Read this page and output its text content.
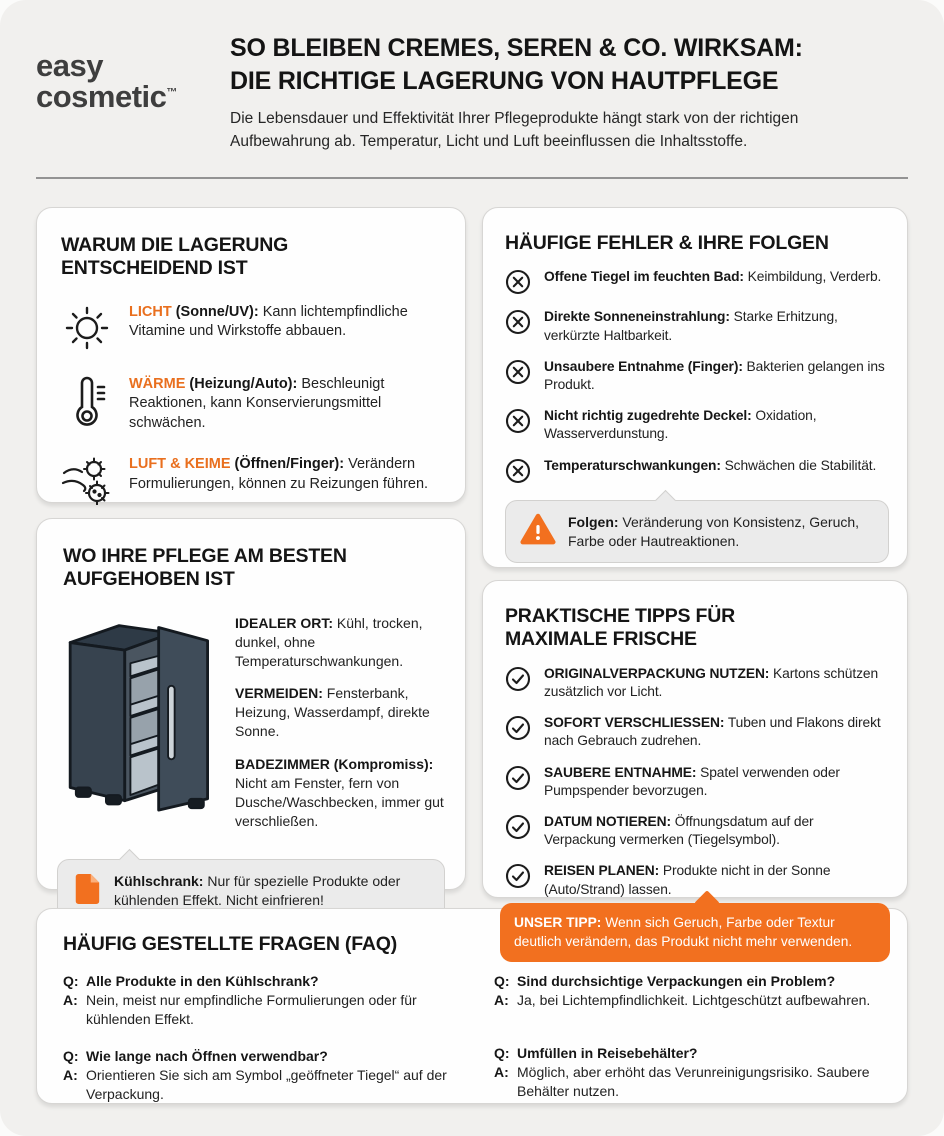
easy
cosmetic™
SO BLEIBEN CREMES, SEREN & CO. WIRKSAM:
DIE RICHTIGE LAGERUNG VON HAUTPFLEGE
Die Lebensdauer und Effektivität Ihrer Pflegeprodukte hängt stark von der richtigen Aufbewahrung ab. Temperatur, Licht und Luft beeinflussen die Inhaltsstoffe.
WARUM DIE LAGERUNG
ENTSCHEIDEND IST
LICHT (Sonne/UV): Kann lichtempfindliche Vitamine und Wirkstoffe abbauen.
WÄRME (Heizung/Auto): Beschleunigt Reaktionen, kann Konservierungsmittel schwächen.
LUFT & KEIME (Öffnen/Finger): Verändern Formulierungen, können zu Reizungen führen.
WO IHRE PFLEGE AM BESTEN
AUFGEHOBEN IST
IDEALER ORT: Kühl, trocken, dunkel, ohne Temperaturschwankungen.
VERMEIDEN: Fensterbank, Heizung, Wasserdampf, direkte Sonne.
BADEZIMMER (Kompromiss): Nicht am Fenster, fern von Dusche/Waschbecken, immer gut verschließen.
Kühlschrank: Nur für spezielle Produkte oder kühlenden Effekt. Nicht einfrieren!
HÄUFIGE FEHLER & IHRE FOLGEN
Offene Tiegel im feuchten Bad: Keimbildung, Verderb.
Direkte Sonneneinstrahlung: Starke Erhitzung, verkürzte Haltbarkeit.
Unsaubere Entnahme (Finger): Bakterien gelangen ins Produkt.
Nicht richtig zugedrehte Deckel: Oxidation, Wasserverdunstung.
Temperaturschwankungen: Schwächen die Stabilität.
Folgen: Veränderung von Konsistenz, Geruch, Farbe oder Hautreaktionen.
PRAKTISCHE TIPPS FÜR
MAXIMALE FRISCHE
ORIGINALVERPACKUNG NUTZEN: Kartons schützen zusätzlich vor Licht.
SOFORT VERSCHLIESSEN: Tuben und Flakons direkt nach Gebrauch zudrehen.
SAUBERE ENTNAHME: Spatel verwenden oder Pumpspender bevorzugen.
DATUM NOTIEREN: Öffnungsdatum auf der Verpackung vermerken (Tiegelsymbol).
REISEN PLANEN: Produkte nicht in der Sonne (Auto/Strand) lassen.
UNSER TIPP: Wenn sich Geruch, Farbe oder Textur deutlich verändern, das Produkt nicht mehr verwenden.
HÄUFIG GESTELLTE FRAGEN (FAQ)
Q: Alle Produkte in den Kühlschrank?
A: Nein, meist nur empfindliche Formulierungen oder für kühlenden Effekt.
Q: Wie lange nach Öffnen verwendbar?
A: Orientieren Sie sich am Symbol „geöffneter Tiegel“ auf der Verpackung.
Q: Sind durchsichtige Verpackungen ein Problem?
A: Ja, bei Lichtempfindlichkeit. Lichtgeschützt aufbewahren.
Q: Umfüllen in Reisebehälter?
A: Möglich, aber erhöht das Verunreinigungsrisiko. Saubere Behälter nutzen.
